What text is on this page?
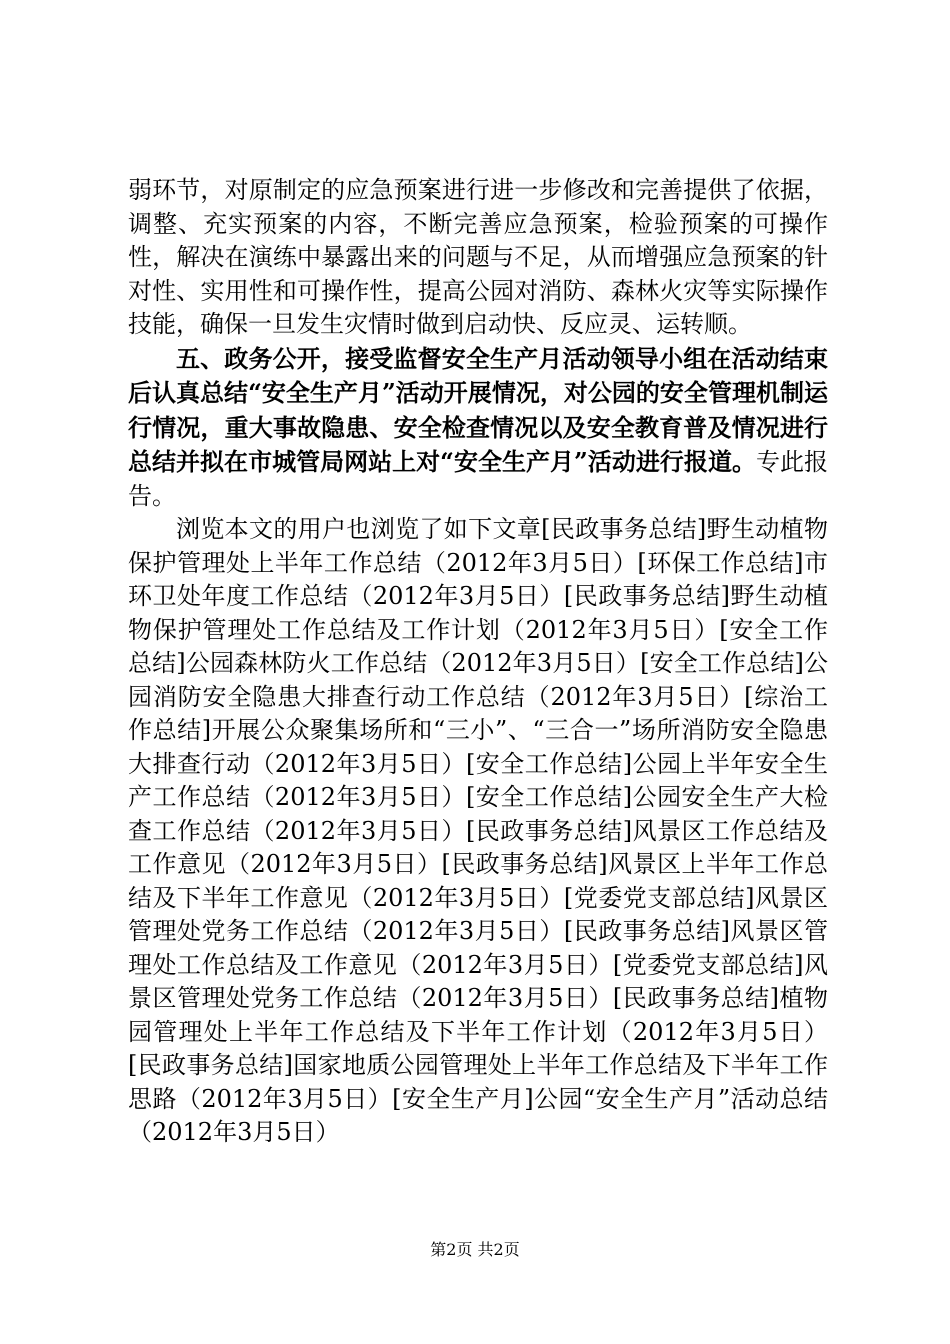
弱环节，对原制定的应急预案进行进一步修改和完善提供了依据，调整、充实预案的内容，不断完善应急预案，检验预案的可操作性，解决在演练中暴露出来的问题与不足，从而增强应急预案的针对性、实用性和可操作性，提高公园对消防、森林火灾等实际操作技能，确保一旦发生灾情时做到启动快、反应灵、运转顺。

五、政务公开，接受监督安全生产月活动领导小组在活动结束后认真总结“安全生产月”活动开展情况，对公园的安全管理机制运行情况，重大事故隐患、安全检查情况以及安全教育普及情况进行总结并拟在市城管局网站上对“安全生产月”活动进行报道。专此报告。

浏览本文的用户也浏览了如下文章[民政事务总结]野生动植物保护管理处上半年工作总结（2012年3月5日）[环保工作总结]市环卫处年度工作总结（2012年3月5日）[民政事务总结]野生动植物保护管理处工作总结及工作计划（2012年3月5日）[安全工作总结]公园森林防火工作总结（2012年3月5日）[安全工作总结]公园消防安全隐患大排查行动工作总结（2012年3月5日）[综治工作总结]开展公众聚集场所和“三小”、“三合一”场所消防安全隐患大排查行动（2012年3月5日）[安全工作总结]公园上半年安全生产工作总结（2012年3月5日）[安全工作总结]公园安全生产大检查工作总结（2012年3月5日）[民政事务总结]风景区工作总结及工作意见（2012年3月5日）[民政事务总结]风景区上半年工作总结及下半年工作意见（2012年3月5日）[党委党支部总结]风景区管理处党务工作总结（2012年3月5日）[民政事务总结]风景区管理处工作总结及工作意见（2012年3月5日）[党委党支部总结]风景区管理处党务工作总结（2012年3月5日）[民政事务总结]植物园管理处上半年工作总结及下半年工作计划（2012年3月5日）[民政事务总结]国家地质公园管理处上半年工作总结及下半年工作思路（2012年3月5日）[安全生产月]公园“安全生产月”活动总结（2012年3月5日）

第2页 共2页
